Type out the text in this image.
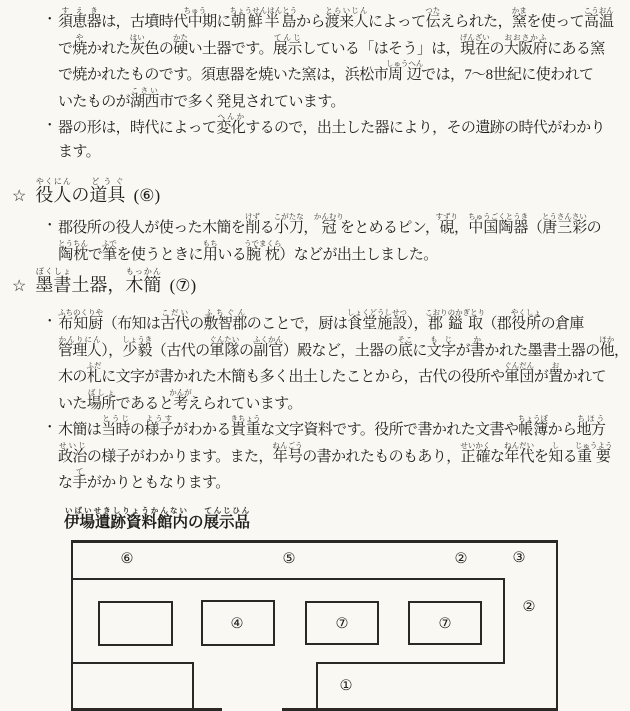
• 須恵器すえきは，古墳時代中ちゅう期に朝鮮半島ちょうせんはんとうから渡来人とらいじんによって伝つたえられた，窯かまを使って高温こうおん
で焼やかれた灰はい色の硬かたい土器です。展示てんじしている「はそう」は，現在げんざいの大阪府おおさかふにある窯
で焼かれたものです。須恵器を焼いた窯は，浜松市周辺しゅうへんでは，7～8世紀に使われて
いたものが湖西こさい市で多く発見されています。
• 器の形は，時代によって変化へんかするので，出土した器により，その遺跡の時代がわかり
ます。
☆ 役人やくにんの道具どうぐ (⑥)
• 郡役所の役人が使った木簡を削けずる小刀こがたな，冠かんむりをとめるピン，硯すずり，中国陶器ちゅうごくとうき（唐三彩とうさんさいの
陶枕とうちんで筆ふでを使うときに用もちいる腕枕うでまくら）などが出土しました。
☆ 墨書ぼくしょ土器，木簡もっかん (⑦)
• 布知厨ふちのくりや（布知は古代こだいの敷智郡ふちぐんのことで，厨は食堂施設しょくどうしせつ），郡鎰取こおりのかぎとり（郡役所やくしょの倉庫
管理人かんりにん），少毅しょうき（古代の軍隊ぐんたいの副官ふくかん）殿など，土器の底そこに文字もじが書かかれた墨書土器の他ほか，
木の札ふだに文字が書かれた木簡も多く出土したことから，古代の役所や軍団ぐんだんが置おかれて
いた場所ばしょであると考かんがえられています。
• 木簡は当時とうじの様子ようすがわかる貴重きちょうな文字資料です。役所で書かれた文書や帳簿ちょうぼから地方ちほう
政治せいじの様子がわかります。また，年号ねんごうの書かれたものもあり，正確せいかくな年代ねんだいを知しる重要じゅうよう
な手てがかりともなります。
伊場遺跡資料館内いばいせきしりょうかんないの展示品てんじひん
⑥	⑤	②	③
②
④	⑦	⑦
①
